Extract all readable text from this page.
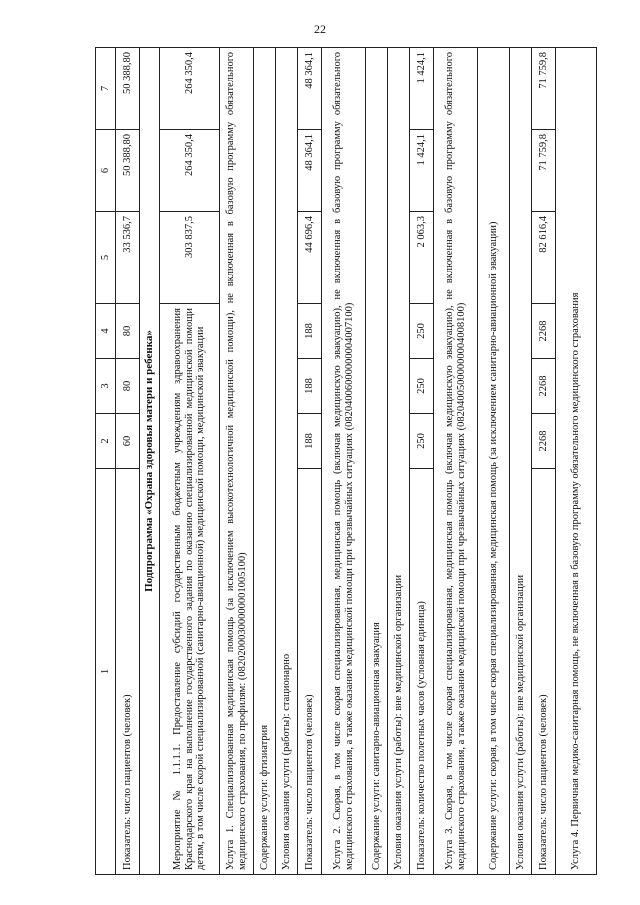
22
1	2	3	4	5	6	7
Показатель: число пациентов (человек)	60	80	80	33 536,7	50 388,80	50 388,80
Подпрограмма «Охрана здоровья матери и ребенка»						
Мероприятие № 1.1.1.1. Предоставление субсидий государственным бюджетным учреждениям здравоохранения Краснодарского края на выполнение государственного задания по оказанию специализированной медицинской помощи детям, в том числе скорой специализированной (санитарно-авиационной) медицинской помощи, медицинской эвакуации				303 837,5	264 350,4	264 350,4
Услуга 1. Специализированная медицинская помощь (за исключением высокотехнологичной медицинской помощи), не включенная в базовую программу обязательного медицинского страхования, по профилям: (08202000300000001005100)						
Содержание услуги: фтизиатрия						
Условия оказания услуги (работы): стационарно						
Показатель: число пациентов (человек)	188	188	188	44 696,4	48 364,1	48 364,1
Услуга 2. Скорая, в том числе скорая специализированная, медицинская помощь (включая медицинскую эвакуацию), не включенная в базовую программу обязательного медицинского страхования, а также оказание медицинской помощи при чрезвычайных ситуациях (08204006000000004007100)						
Содержание услуги: санитарно-авиационная эвакуация						
Условия оказания услуги (работы): вне медицинской организации						
Показатель: количество полетных часов (условная единица)	250	250	250	2 063,3	1 424,1	1 424,1
Услуга 3. Скорая, в том числе скорая специализированная, медицинская помощь (включая медицинскую эвакуацию), не включенная в базовую программу обязательного медицинского страхования, а также оказание медицинской помощи при чрезвычайных ситуациях (08204005000000004008100)						
Содержание услуги: скорая, в том числе скорая специализированная, медицинская помощь (за исключением санитарно-авиационной эвакуации)						
Условия оказания услуги (работы): вне медицинской организации						
Показатель: число пациентов (человек)	2268	2268	2268	82 616,4	71 759,8	71 759,8
Услуга 4. Первичная медико-санитарная помощь, не включенная в базовую программу обязательного медицинского страхования						
